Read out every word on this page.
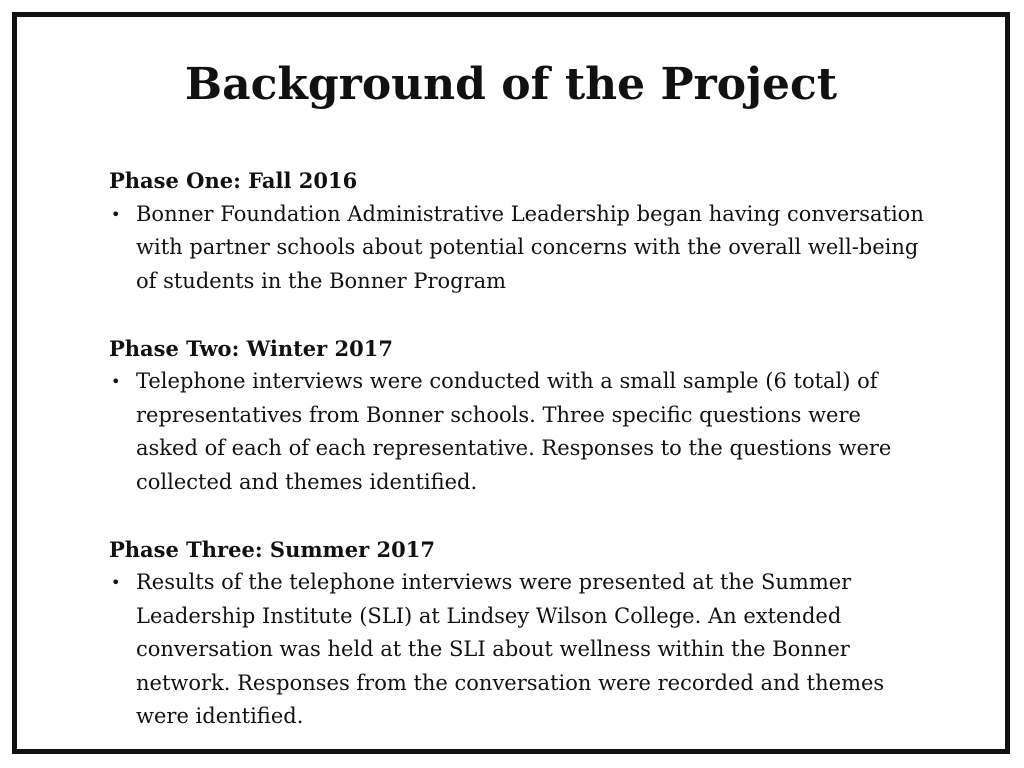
Background of the Project
Phase One: Fall 2016
• Bonner Foundation Administrative Leadership began having conversation with partner schools about potential concerns with the overall well-being of students in the Bonner Program
Phase Two: Winter 2017
• Telephone interviews were conducted with a small sample (6 total) of representatives from Bonner schools. Three specific questions were asked of each of each representative. Responses to the questions were collected and themes identified.
Phase Three: Summer 2017
• Results of the telephone interviews were presented at the Summer Leadership Institute (SLI) at Lindsey Wilson College. An extended conversation was held at the SLI about wellness within the Bonner network. Responses from the conversation were recorded and themes were identified.
